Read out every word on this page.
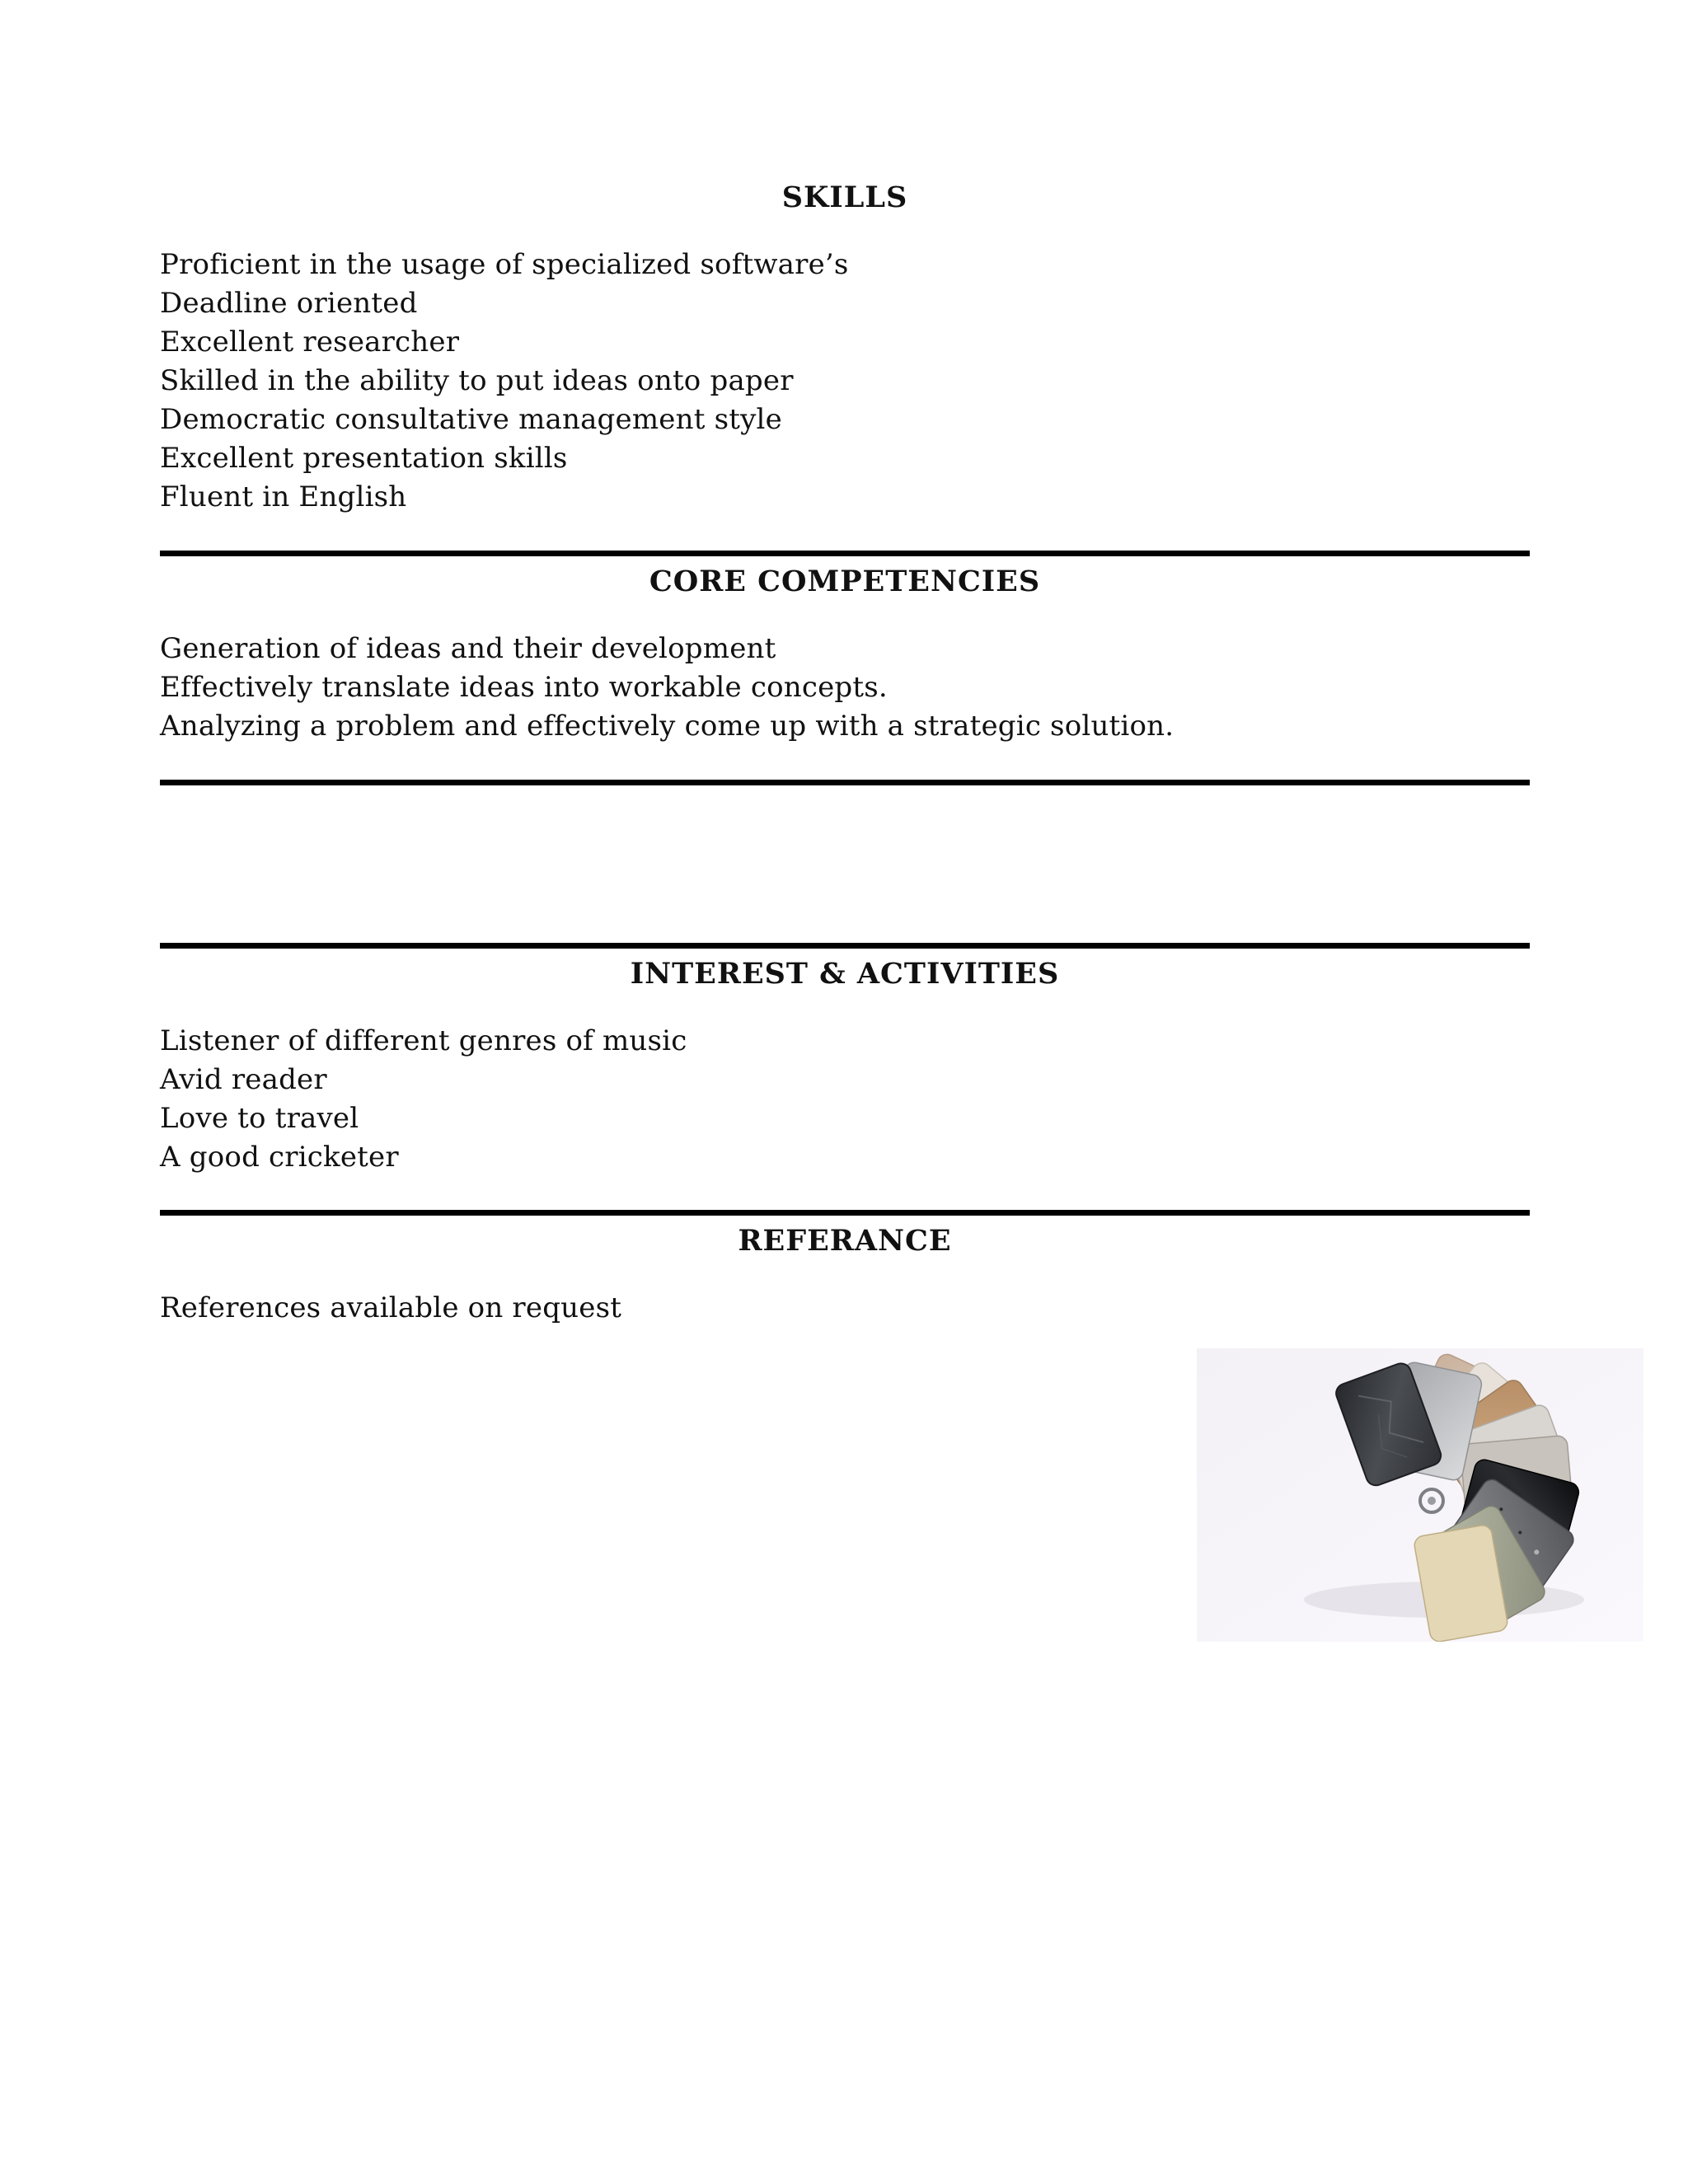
SKILLS
Proficient in the usage of specialized software’s
Deadline oriented
Excellent researcher
Skilled in the ability to put ideas onto paper
Democratic consultative management style
Excellent presentation skills
Fluent in English
CORE COMPETENCIES
Generation of ideas and their development
Effectively translate ideas into workable concepts.
Analyzing a problem and effectively come up with a strategic solution.
INTEREST & ACTIVITIES
Listener of different genres of music
Avid reader
Love to travel
A good cricketer
REFERANCE
References available on request
